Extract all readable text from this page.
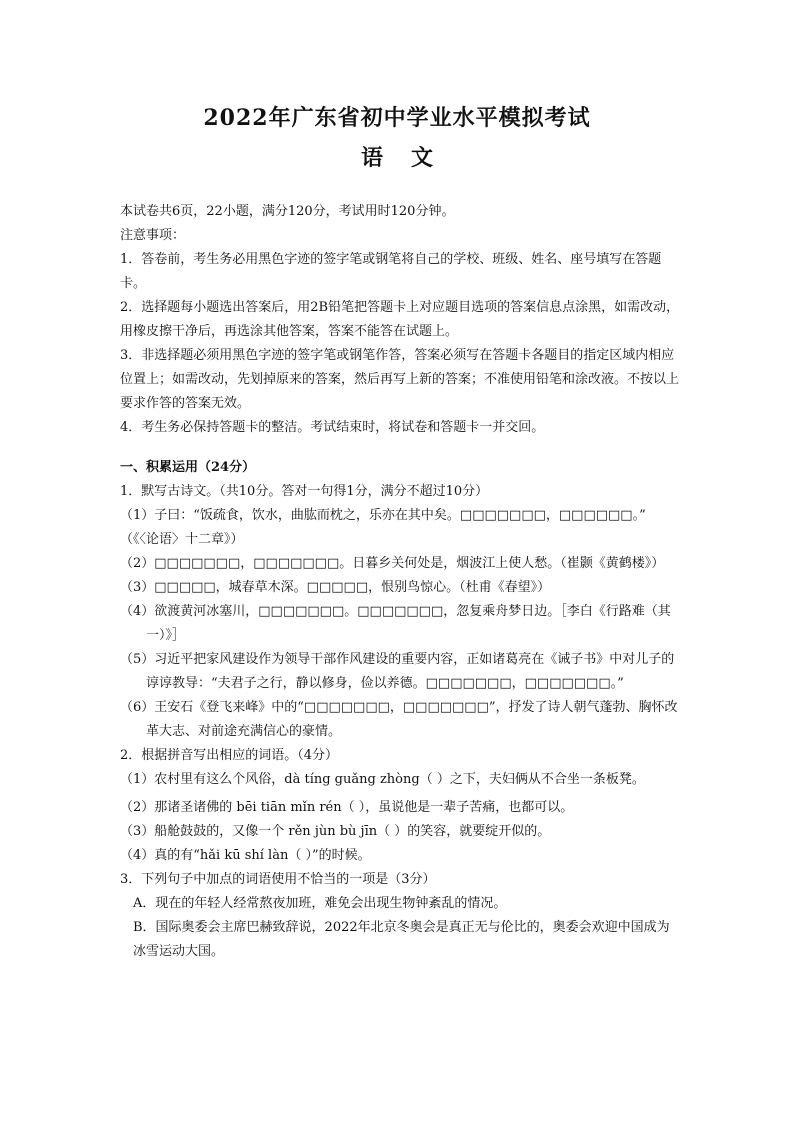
2022年广东省初中学业水平模拟考试
语文

本试卷共6页，22小题，满分120分，考试用时120分钟。

注意事项：

1．答卷前，考生务必用黑色字迹的签字笔或钢笔将自己的学校、班级、姓名、座号填写在答题卡。

2．选择题每小题选出答案后，用2B铅笔把答题卡上对应题目选项的答案信息点涂黑，如需改动，用橡皮擦干净后，再选涂其他答案，答案不能答在试题上。

3．非选择题必须用黑色字迹的签字笔或钢笔作答，答案必须写在答题卡各题目的指定区域内相应位置上；如需改动，先划掉原来的答案，然后再写上新的答案；不准使用铅笔和涂改液。不按以上要求作答的答案无效。

4．考生务必保持答题卡的整洁。考试结束时，将试卷和答题卡一并交回。

一、积累运用（24分）

1．默写古诗文。（共10分。答对一句得1分，满分不超过10分）

（1）子曰：“饭疏食，饮水，曲肱而枕之，乐亦在其中矣。□□□□□□□，□□□□□□。”

（《〈论语〉十二章》）

（2）□□□□□□□，□□□□□□□。日暮乡关何处是，烟波江上使人愁。（崔颢《黄鹤楼》）

（3）□□□□□，城春草木深。□□□□□，恨别鸟惊心。（杜甫《春望》）

（4）欲渡黄河冰塞川，□□□□□□□。□□□□□□□，忽复乘舟梦日边。［李白《行路难（其一）》］

（5）习近平把家风建设作为领导干部作风建设的重要内容，正如诸葛亮在《诫子书》中对儿子的谆谆教导：“夫君子之行，静以修身，俭以养德。□□□□□□□，□□□□□□□。”

（6）王安石《登飞来峰》中的“□□□□□□□，□□□□□□□”，抒发了诗人朝气蓬勃、胸怀改革大志、对前途充满信心的豪情。

2．根据拼音写出相应的词语。（4分）

（1）农村里有这么个风俗，dà tíng guǎng zhòng（ ）之下，夫妇俩从不合坐一条板凳。

（2）那诸圣诸佛的 bēi tiān mǐn rén（ ），虽说他是一辈子苦痛，也都可以。

（3）船舱鼓鼓的，又像一个 rěn jùn bù jīn（ ）的笑容，就要绽开似的。

（4）真的有“hǎi kū shí làn（ ）”的时候。

3．下列句子中加点的词语使用不恰当的一项是（3分）

A．现在的年轻人经常熬夜加班，难免会出现生物钟紊乱的情况。

B．国际奥委会主席巴赫致辞说，2022年北京冬奥会是真正无与伦比的，奥委会欢迎中国成为冰雪运动大国。
